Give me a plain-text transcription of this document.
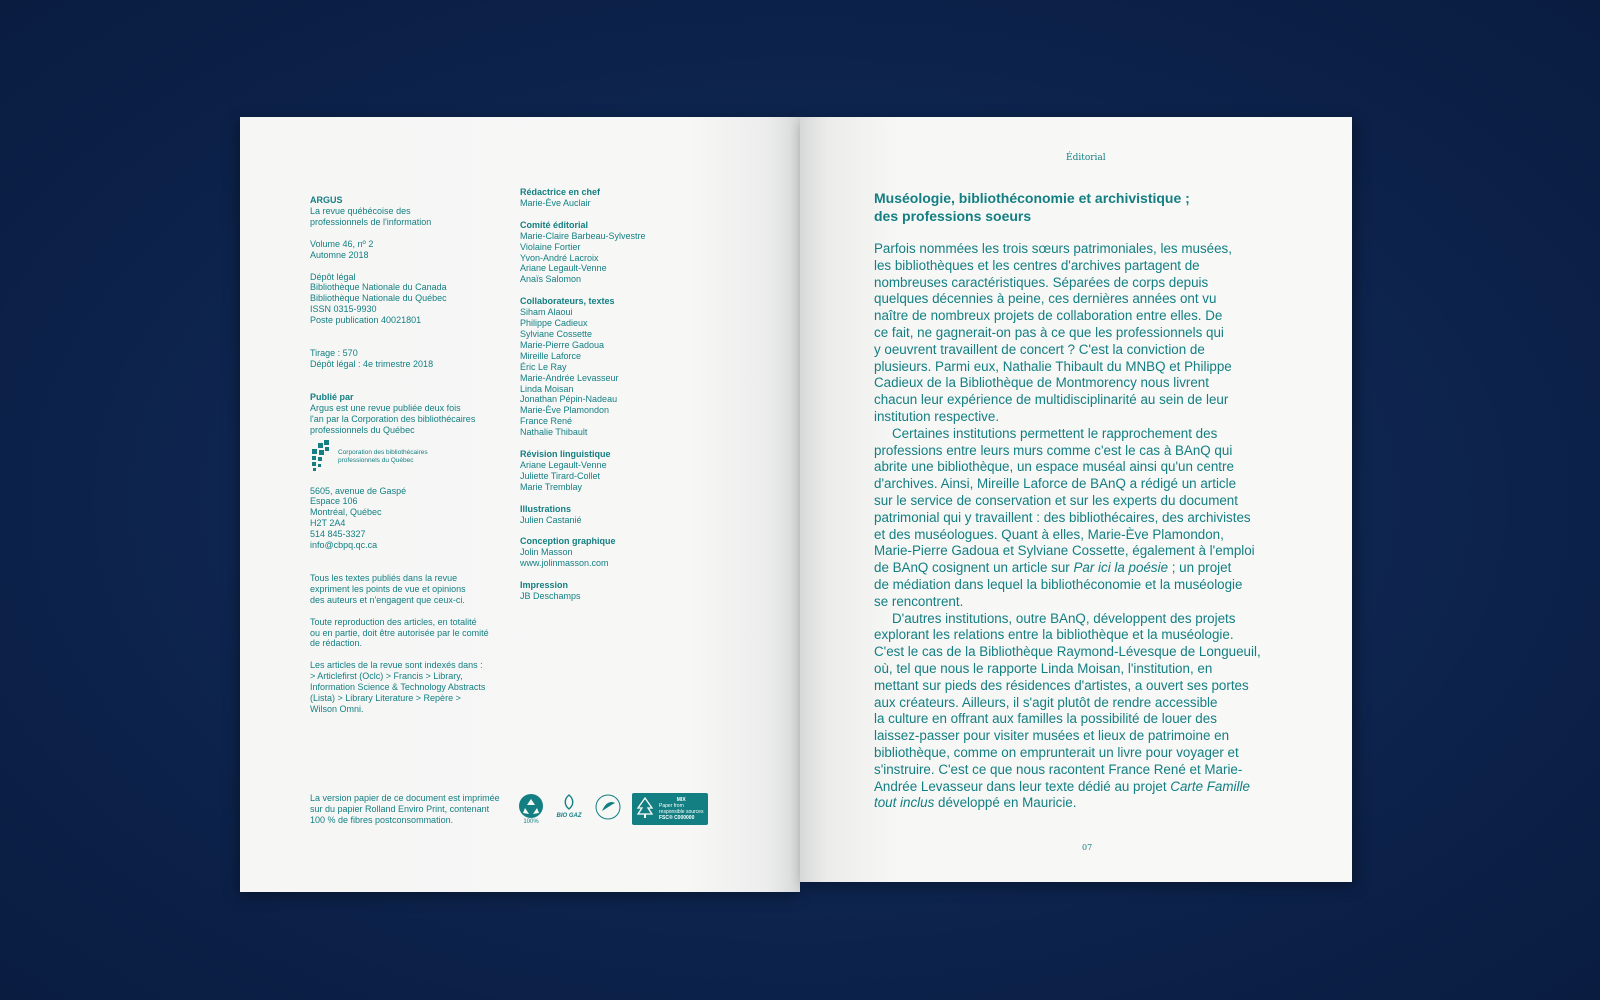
ARGUS
La revue québécoise des
professionnels de l'information
Volume 46, nº 2
Automne 2018
Dépôt légal
Bibliothèque Nationale du Canada
Bibliothèque Nationale du Québec
ISSN 0315-9930
Poste publication 40021801
Tirage : 570
Dépôt légal : 4e trimestre 2018
Publié par
Argus est une revue publiée deux fois
l'an par la Corporation des bibliothécaires
professionnels du Québec
Corporation des bibliothécaires
professionnels du Québec
5605, avenue de Gaspé
Espace 106
Montréal, Québec
H2T 2A4
514 845-3327
info@cbpq.qc.ca
Tous les textes publiés dans la revue
expriment les points de vue et opinions
des auteurs et n'engagent que ceux-ci.
Toute reproduction des articles, en totalité
ou en partie, doit être autorisée par le comité
de rédaction.
Les articles de la revue sont indexés dans :
> Articlefirst (Oclc) > Francis > Library,
Information Science & Technology Abstracts
(Lista) > Library Literature > Repère >
Wilson Omni.
Rédactrice en chef
Marie-Ève Auclair
Comité éditorial
Marie-Claire Barbeau-Sylvestre
Violaine Fortier
Yvon-André Lacroix
Ariane Legault-Venne
Anaïs Salomon
Collaborateurs, textes
Siham Alaoui
Philippe Cadieux
Sylviane Cossette
Marie-Pierre Gadoua
Mireille Laforce
Éric Le Ray
Marie-Andrée Levasseur
Linda Moisan
Jonathan Pépin-Nadeau
Marie-Ève Plamondon
France René
Nathalie Thibault
Révision linguistique
Ariane Legault-Venne
Juliette Tirard-Collet
Marie Tremblay
Illustrations
Julien Castanié
Conception graphique
Jolin Masson
www.jolinmasson.com
Impression
JB Deschamps
La version papier de ce document est imprimée
sur du papier Rolland Enviro Print, contenant
100 % de fibres postconsommation.	100%
BIO GAZ
MIX
Paper from
responsible sources
FSC® C000000
Éditorial
Muséologie, bibliothéconomie et archivistique ;
des professions soeurs
Parfois nommées les trois sœurs patrimoniales, les musées,
les bibliothèques et les centres d'archives partagent de
nombreuses caractéristiques. Séparées de corps depuis
quelques décennies à peine, ces dernières années ont vu
naître de nombreux projets de collaboration entre elles. De
ce fait, ne gagnerait-on pas à ce que les professionnels qui
y oeuvrent travaillent de concert ? C'est la conviction de
plusieurs. Parmi eux, Nathalie Thibault du MNBQ et Philippe
Cadieux de la Bibliothèque de Montmorency nous livrent
chacun leur expérience de multidisciplinarité au sein de leur
institution respective.
Certaines institutions permettent le rapprochement des
professions entre leurs murs comme c'est le cas à BAnQ qui
abrite une bibliothèque, un espace muséal ainsi qu'un centre
d'archives. Ainsi, Mireille Laforce de BAnQ a rédigé un article
sur le service de conservation et sur les experts du document
patrimonial qui y travaillent : des bibliothécaires, des archivistes
et des muséologues. Quant à elles, Marie-Ève Plamondon,
Marie-Pierre Gadoua et Sylviane Cossette, également à l'emploi
de BAnQ cosignent un article sur Par ici la poésie ; un projet
de médiation dans lequel la bibliothéconomie et la muséologie
se rencontrent.
D'autres institutions, outre BAnQ, développent des projets
explorant les relations entre la bibliothèque et la muséologie.
C'est le cas de la Bibliothèque Raymond-Lévesque de Longueuil,
où, tel que nous le rapporte Linda Moisan, l'institution, en
mettant sur pieds des résidences d'artistes, a ouvert ses portes
aux créateurs. Ailleurs, il s'agit plutôt de rendre accessible
la culture en offrant aux familles la possibilité de louer des
laissez-passer pour visiter musées et lieux de patrimoine en
bibliothèque, comme on emprunterait un livre pour voyager et
s'instruire. C'est ce que nous racontent France René et Marie-
Andrée Levasseur dans leur texte dédié au projet Carte Famille
tout inclus développé en Mauricie.
07
